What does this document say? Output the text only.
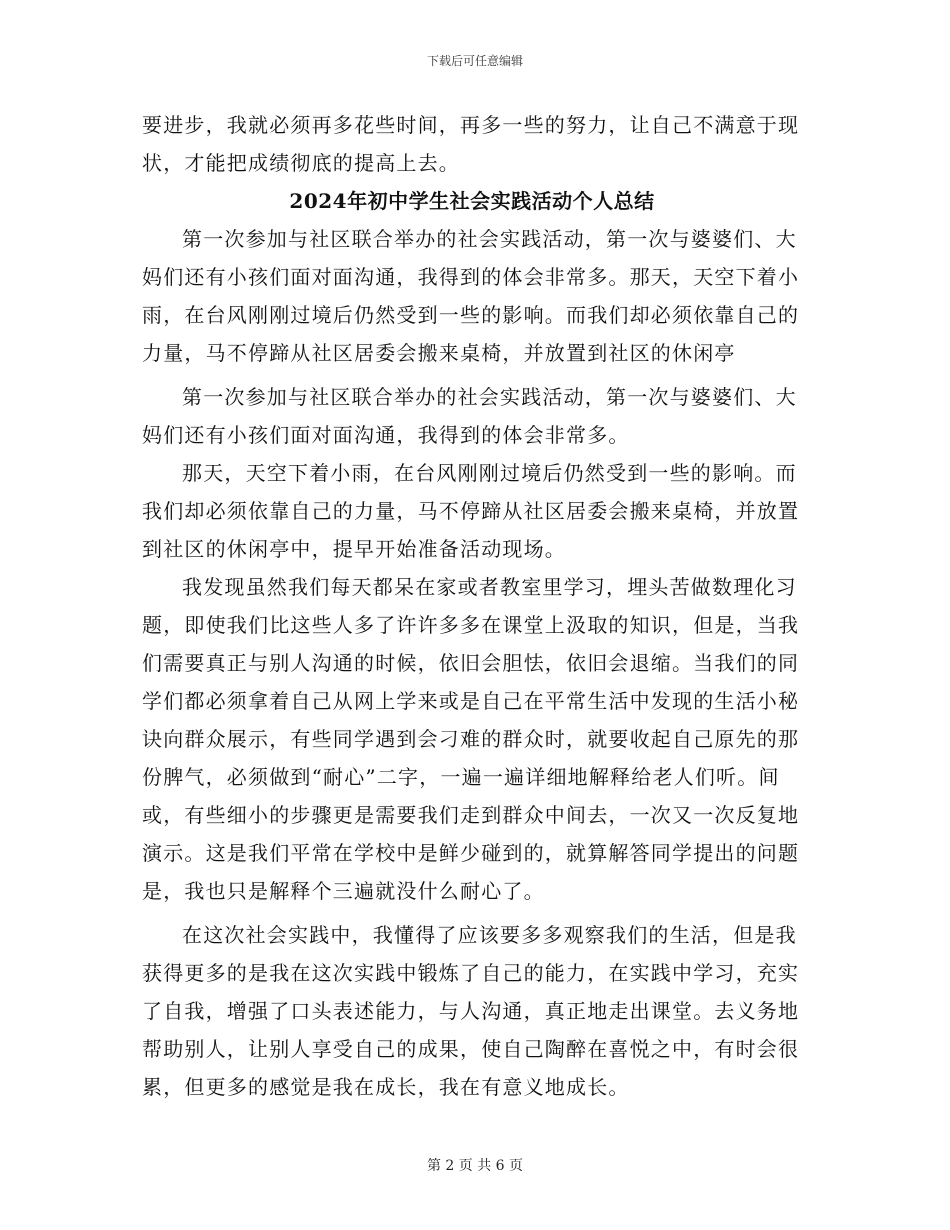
下载后可任意编辑

要进步，我就必须再多花些时间，再多一些的努力，让自己不满意于现状，才能把成绩彻底的提高上去。

2024年初中学生社会实践活动个人总结

第一次参加与社区联合举办的社会实践活动，第一次与婆婆们、大妈们还有小孩们面对面沟通，我得到的体会非常多。那天，天空下着小雨，在台风刚刚过境后仍然受到一些的影响。而我们却必须依靠自己的力量，马不停蹄从社区居委会搬来桌椅，并放置到社区的休闲亭

第一次参加与社区联合举办的社会实践活动，第一次与婆婆们、大妈们还有小孩们面对面沟通，我得到的体会非常多。

那天，天空下着小雨，在台风刚刚过境后仍然受到一些的影响。而我们却必须依靠自己的力量，马不停蹄从社区居委会搬来桌椅，并放置到社区的休闲亭中，提早开始准备活动现场。

我发现虽然我们每天都呆在家或者教室里学习，埋头苦做数理化习题，即使我们比这些人多了许许多多在课堂上汲取的知识，但是，当我们需要真正与别人沟通的时候，依旧会胆怯，依旧会退缩。当我们的同学们都必须拿着自己从网上学来或是自己在平常生活中发现的生活小秘诀向群众展示，有些同学遇到会刁难的群众时，就要收起自己原先的那份脾气，必须做到“耐心”二字，一遍一遍详细地解释给老人们听。间或，有些细小的步骤更是需要我们走到群众中间去，一次又一次反复地演示。这是我们平常在学校中是鲜少碰到的，就算解答同学提出的问题是，我也只是解释个三遍就没什么耐心了。

在这次社会实践中，我懂得了应该要多多观察我们的生活，但是我获得更多的是我在这次实践中锻炼了自己的能力，在实践中学习，充实了自我，增强了口头表述能力，与人沟通，真正地走出课堂。去义务地帮助别人，让别人享受自己的成果，使自己陶醉在喜悦之中，有时会很累，但更多的感觉是我在成长，我在有意义地成长。

第 2 页 共 6 页
